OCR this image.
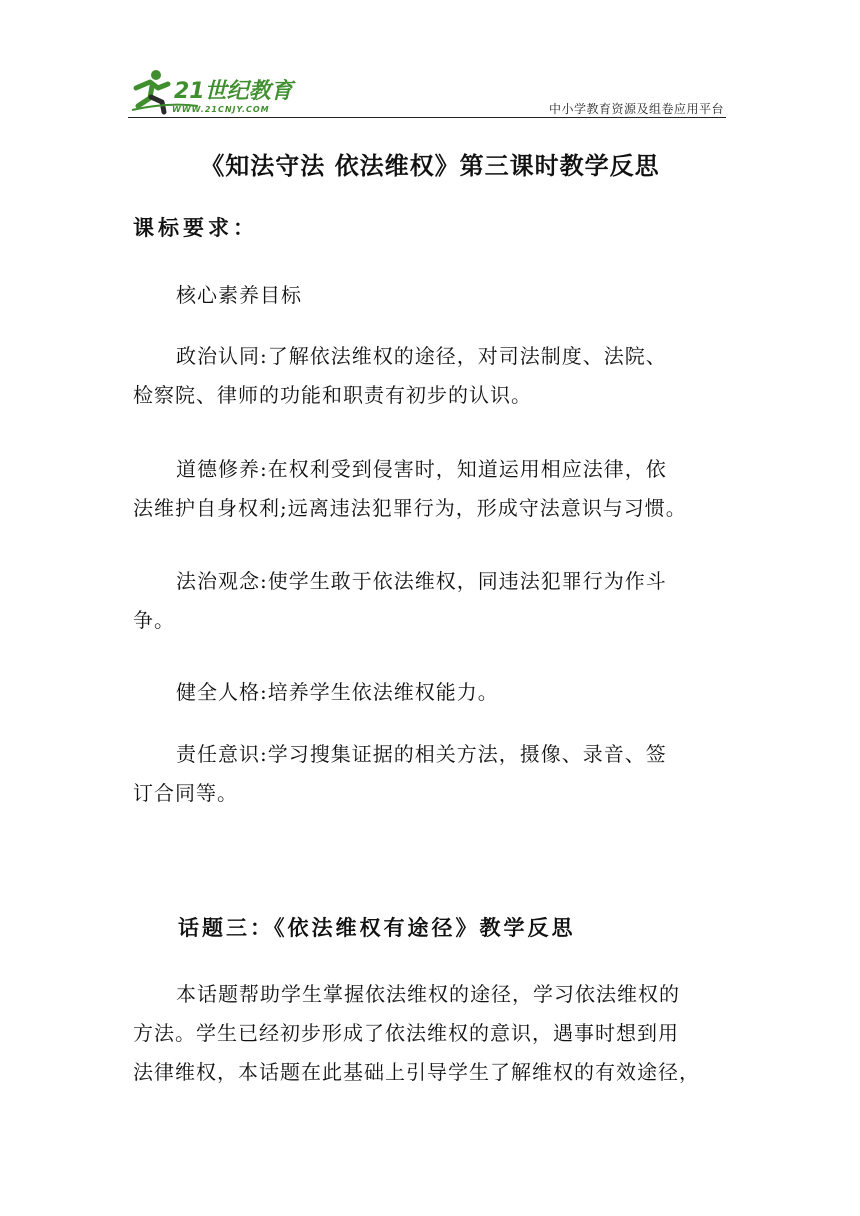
21世纪教育
WWW.21CNJY.COM	中小学教育资源及组卷应用平台
《知法守法 依法维权》第三课时教学反思
课标要求：
核心素养目标
政治认同:了解依法维权的途径，对司法制度、法院、
检察院、律师的功能和职责有初步的认识。
道德修养:在权利受到侵害时，知道运用相应法律，依
法维护自身权利;远离违法犯罪行为，形成守法意识与习惯。
法治观念:使学生敢于依法维权，同违法犯罪行为作斗
争。
健全人格:培养学生依法维权能力。
责任意识:学习搜集证据的相关方法，摄像、录音、签
订合同等。
话题三：《依法维权有途径》教学反思
本话题帮助学生掌握依法维权的途径，学习依法维权的
方法。学生已经初步形成了依法维权的意识，遇事时想到用
法律维权，本话题在此基础上引导学生了解维权的有效途径，
